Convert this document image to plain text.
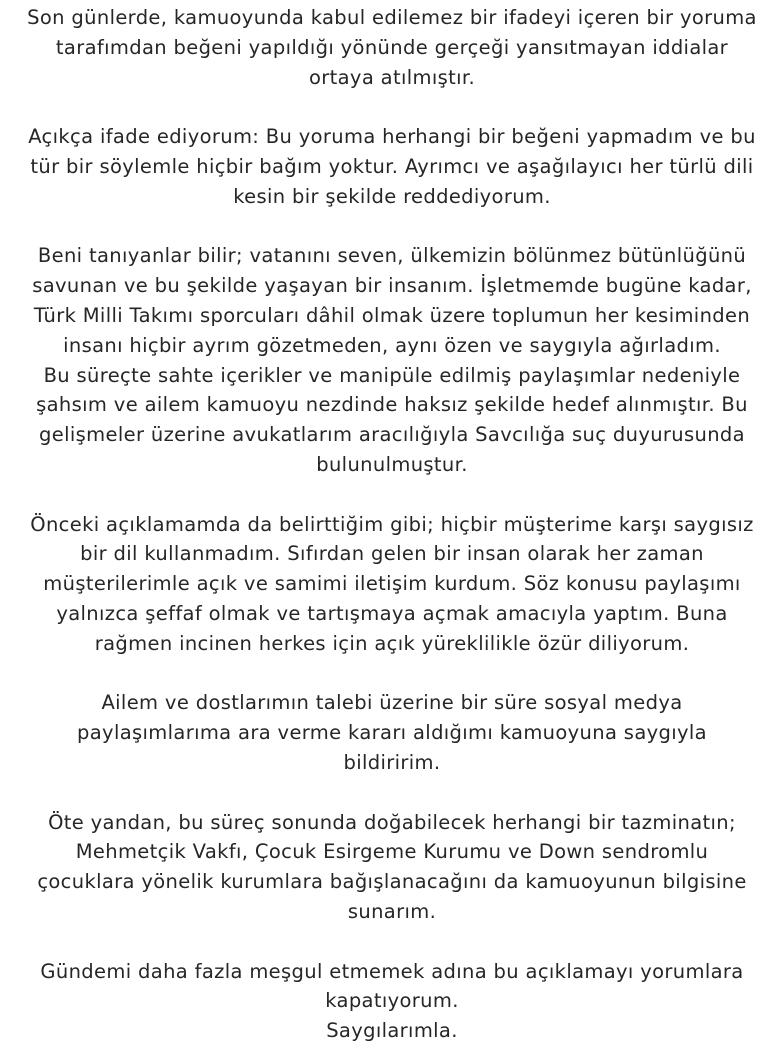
Son günlerde, kamuoyunda kabul edilemez bir ifadeyi içeren bir yoruma
tarafımdan beğeni yapıldığı yönünde gerçeği yansıtmayan iddialar
ortaya atılmıştır.
Açıkça ifade ediyorum: Bu yoruma herhangi bir beğeni yapmadım ve bu
tür bir söylemle hiçbir bağım yoktur. Ayrımcı ve aşağılayıcı her türlü dili
kesin bir şekilde reddediyorum.
Beni tanıyanlar bilir; vatanını seven, ülkemizin bölünmez bütünlüğünü
savunan ve bu şekilde yaşayan bir insanım. İşletmemde bugüne kadar,
Türk Milli Takımı sporcuları dâhil olmak üzere toplumun her kesiminden
insanı hiçbir ayrım gözetmeden, aynı özen ve saygıyla ağırladım.
Bu süreçte sahte içerikler ve manipüle edilmiş paylaşımlar nedeniyle
şahsım ve ailem kamuoyu nezdinde haksız şekilde hedef alınmıştır. Bu
gelişmeler üzerine avukatlarım aracılığıyla Savcılığa suç duyurusunda
bulunulmuştur.
Önceki açıklamamda da belirttiğim gibi; hiçbir müşterime karşı saygısız
bir dil kullanmadım. Sıfırdan gelen bir insan olarak her zaman
müşterilerimle açık ve samimi iletişim kurdum. Söz konusu paylaşımı
yalnızca şeffaf olmak ve tartışmaya açmak amacıyla yaptım. Buna
rağmen incinen herkes için açık yüreklilikle özür diliyorum.
Ailem ve dostlarımın talebi üzerine bir süre sosyal medya
paylaşımlarıma ara verme kararı aldığımı kamuoyuna saygıyla
bildiririm.
Öte yandan, bu süreç sonunda doğabilecek herhangi bir tazminatın;
Mehmetçik Vakfı, Çocuk Esirgeme Kurumu ve Down sendromlu
çocuklara yönelik kurumlara bağışlanacağını da kamuoyunun bilgisine
sunarım.
Gündemi daha fazla meşgul etmemek adına bu açıklamayı yorumlara
kapatıyorum.
Saygılarımla.
